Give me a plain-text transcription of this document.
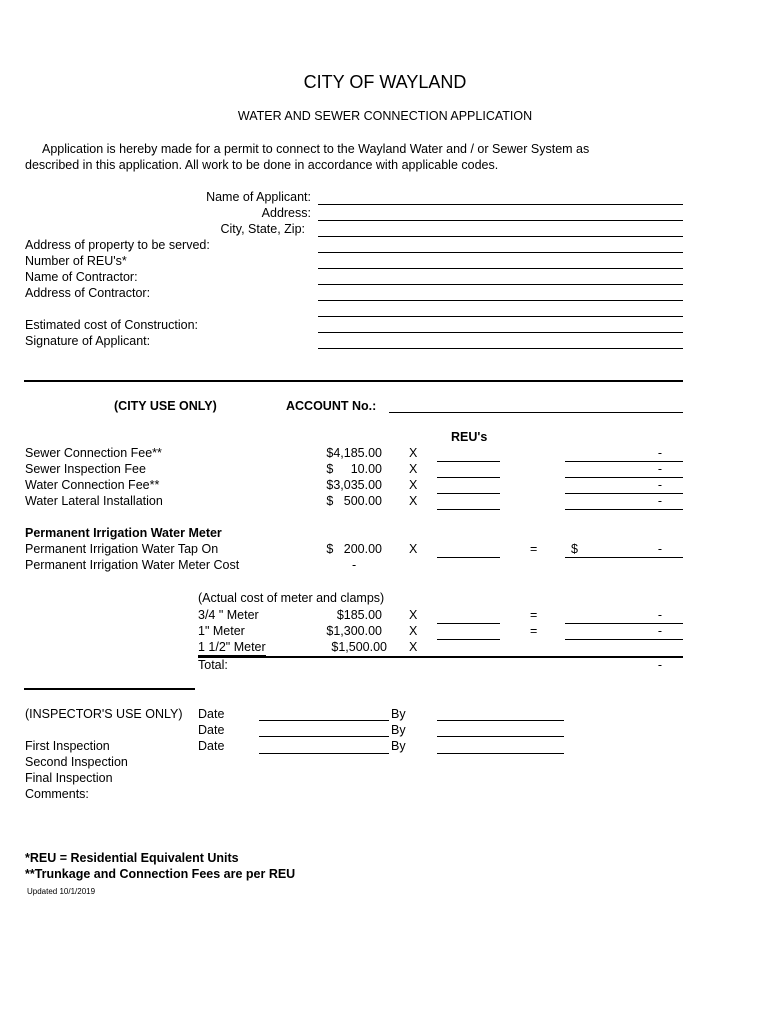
CITY OF WAYLAND
WATER AND SEWER CONNECTION APPLICATION
Application is hereby made for a permit to connect to the Wayland Water and / or Sewer System as
described in this application. All work to be done in accordance with applicable codes.
Name of Applicant:
Address:
City, State, Zip:
Address of property to be served:
Number of REU's*
Name of Contractor:
Address of Contractor:
Estimated cost of Construction:
Signature of Applicant:
(CITY USE ONLY)	ACCOUNT No.:
REU's
Sewer Connection Fee**	$4,185.00 X	-
Sewer Inspection Fee	$     10.00 X	-
Water Connection Fee**	$3,035.00 X	-
Water Lateral Installation	$   500.00 X	-
Permanent Irrigation Water Meter
Permanent Irrigation Water Tap On	$   200.00 X	=	$	-
Permanent Irrigation Water Meter Cost	-
(Actual cost of meter and clamps)
3/4 " Meter	$185.00 X	=	-
1" Meter	$1,300.00 X	=	-
1 1/2" Meter	$1,500.00 X
Total:	-
(INSPECTOR'S USE ONLY) Date	By
Date	By
First Inspection	Date	By
Second Inspection
Final Inspection
Comments:
*REU = Residential Equivalent Units
**Trunkage and Connection Fees are per REU
Updated 10/1/2019
